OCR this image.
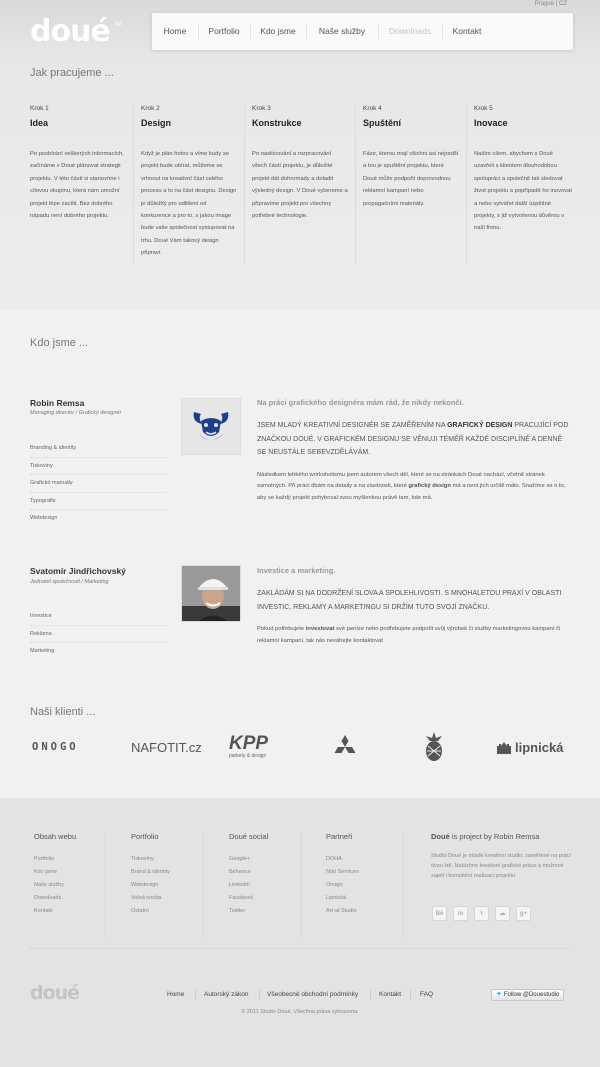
doué TM
Prague | CZ
Home	Portfolio	Kdo jsme	Naše služby	Downloads	Kontakt
Jak pracujeme ...
Krok 1
Idea
Po posbírání veškerých informacích, začínáme v Doué plánovat strategii projektu. V této části si stanovíme i cílovou skupinu, která nám umožní projekt lépe zacílit. Bez dobrého nápadu není dobrého projektu.
Krok 2
Design
Když je plán hotov a víme kudy se projekt bude ubírat, můžeme se vrhnout na kreativní část celého procesu a to na část designu. Design je důležitý pro odlišení od konkurence a pro to, s jakou image bude vaše společnost vystupovat na trhu. Doué Vám takový design připraví.
Krok 3
Konstrukce
Po naskicování a rozpracování všech částí projektu, je důležité projekt dát dohromady a doladit výsledný design. V Doué vybereme a připravíme projekt pro všechny potřebné technologie.
Krok 4
Spuštění
Fáze, kterou mají všichni asi nejradši a tou je spuštění projektu, které Doué může podpořit doprovodnou reklamní kampaní nebo propagačními materiály.
Krok 5
Inovace
Naším cílem, abychom s Doué uzavřeli s klientem dlouhodobou spolupráci a společně tak sledovat život projektu a popřípadě ho inovovat a nebo vytvářet další úspěšné projekty, s již vytvořenou důvěrou v naší firmu.
Kdo jsme ...
Robin Remsa
Managing director / Grafický designér
Branding & identity
Tiskoviny
Grafické manuály
Typografie
Webdesign
Na práci grafického designéra mám rád, že nikdy nekončí.
JSEM MLADÝ KREATIVNÍ DESIGNÉR SE ZAMĚŘENÍM NA GRAFICKÝ DESIGN PRACUJÍCÍ POD ZNAČKOU DOUÉ. V GRAFICKÉM DESIGNU SE VĚNUJI TÉMĚŘ KAŽDÉ DISCIPLÍNĚ A DENNĚ SE NEUSTÁLE SEBEVZDĚLÁVÁM.
Následkem lehkého workoholismu jsem autorem všech děl, které se na stránkách Doué nachází, včetně stránek samotných. Při práci dbám na detaily a na vlastnosti, které grafický design má a není jich určitě málo. Snažíme se o to, aby se každý projekt pohyboval svou myšlenkou právě tam, kde má.
Svatomír Jindřichovský
Jednatel společnosti / Marketing
Investice
Reklama
Marketing
Investice a marketing.
ZAKLÁDÁM SI NA DODRŽENÍ SLOVA A SPOLEHLIVOSTI. S MNOHALETOU PRAXÍ V OBLASTI INVESTIC, REKLAMY A MARKETINGU SI DRŽÍM TUTO SVOJÍ ZNAČKU.
Pokud potřebujete investovat své peníze nebo podřebujete podpořit svůj výrobek či služby marketingovou kampaní či reklamní kampaní, tak nás neváhejte kontaktovat
Naši klienti ...
ONOGO	NAFOTIT.cz KPP
parkety & design
lipnická
Obsah webu
Portfolio
Kdo jsme
Naše služby
Downloads
Kontakt
Portfolio
Tiskoviny
Brand & identity
Webdesign
Volná tvorba
Ostatní
Doué social
Google+
Behance
LinkedIn
Facebook
Twitter
Partneři
DOHA
Nári Services
Onogo
Lipnická
Art-at Studio
Doué is project by Robin Remsa
Studio Doué je mladé kreativní studio, zaměřené na práci dvou lidí. Nabízíme kreativní grafické práce a možnost zajetí i kompletní realizaci projektu.
Bē	in	t	☁	g+
doué	Home	Autorský zákon	Všeobecné obchodní podmínky	Kontakt	FAQ	✦ Follow @Douestudio
© 2011 Studio Doué. Všechna práva vyhrazena.
